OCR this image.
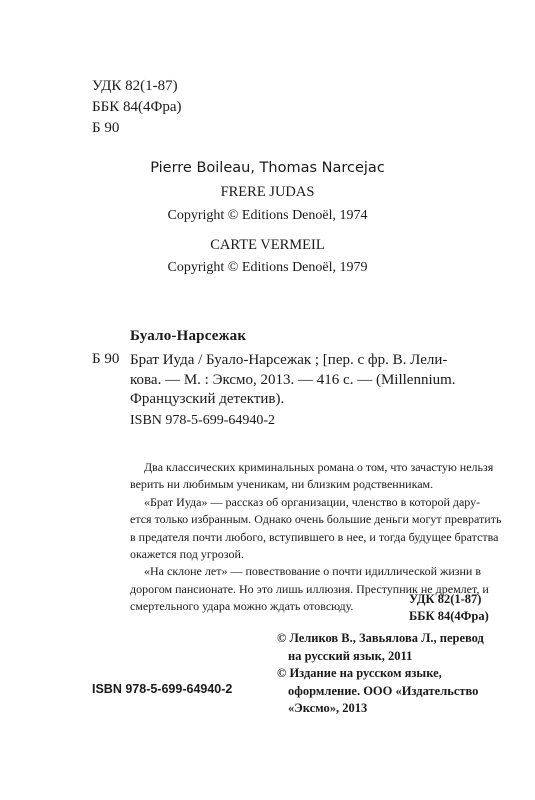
УДК 82(1-87)
ББК 84(4Фра)
Б 90
Pierre Boileau, Thomas Narcejac
FRERE JUDAS
Copyright © Editions Denoël, 1974
CARTE VERMEIL
Copyright © Editions Denoël, 1979
Буало-Нарсежак
Б 90 Брат Иуда / Буало-Нарсежак ; [пер. с фр. В. Лели-
кова. — М. : Эксмо, 2013. — 416 с. — (Millennium.
Французский детектив).
ISBN 978-5-699-64940-2
Два классических криминальных романа о том, что зачастую нельзя
верить ни любимым ученикам, ни близким родственникам.
«Брат Иуда» — рассказ об организации, членство в которой дару-
ется только избранным. Однако очень большие деньги могут превратить
в предателя почти любого, вступившего в нее, и тогда будущее братства
окажется под угрозой.
«На склоне лет» — повествование о почти идиллической жизни в
дорогом пансионате. Но это лишь иллюзия. Преступник не дремлет, и
смертельного удара можно ждать отовсюду.
УДК 82(1-87)
ББК 84(4Фра)
© Леликов В., Завьялова Л., перевод
на русский язык, 2011
© Издание на русском языке,
оформление. ООО «Издательство
«Эксмо», 2013
ISBN 978-5-699-64940-2
